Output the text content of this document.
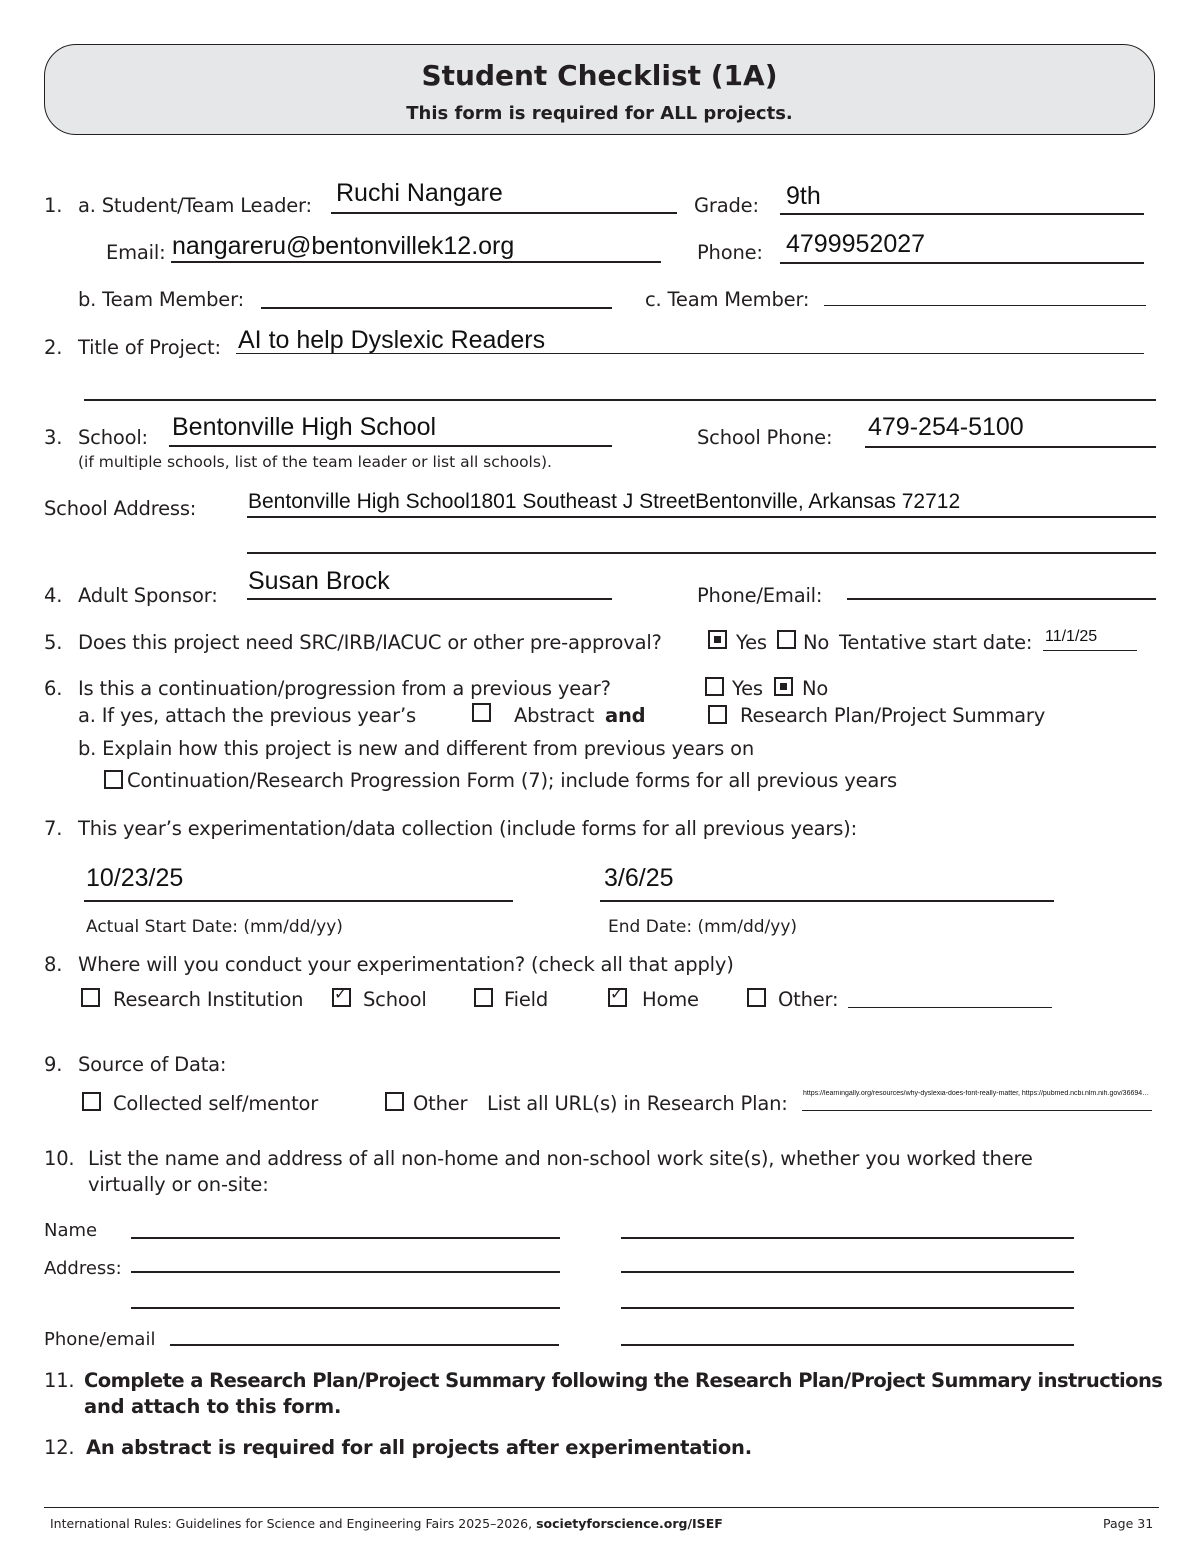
Student Checklist (1A)
This form is required for ALL projects.
1. a. Student/Team Leader: Ruchi Nangare	Grade: 9th
Email: nangareru@bentonvillek12.org	Phone: 4799952027
b. Team Member:	c. Team Member:
2. Title of Project: AI to help Dyslexic Readers
3. School: Bentonville High School
(if multiple schools, list of the team leader or list all schools).
School Phone: 479-254-5100
School Address: Bentonville High School1801 Southeast J StreetBentonville, Arkansas 72712
4. Adult Sponsor:
Susan Brock
Phone/Email:
5. Does this project need SRC/IRB/IACUC or other pre-approval?	Yes No Tentative start date: 11/1/25
6. Is this a continuation/progression from a previous year?	Yes No
a. If yes, attach the previous year’s	Abstract and	Research Plan/Project Summary
b. Explain how this project is new and different from previous years on
Continuation/Research Progression Form (7); include forms for all previous years
7. This year’s experimentation/data collection (include forms for all previous years):
10/23/25	3/6/25
Actual Start Date: (mm/dd/yy)	End Date: (mm/dd/yy)
8. Where will you conduct your experimentation? (check all that apply)
Research Institution ✓ School	Field	✓ Home	Other:
9. Source of Data:
Collected self/mentor	Other List all URL(s) in Research Plan: https://learningally.org/resources/why-dyslexia-does-font-really-matter, https://pubmed.ncbi.nlm.nih.gov/36694…
10. List the name and address of all non-home and non-school work site(s), whether you worked there
virtually or on-site:
Name
Address:
Phone/email
11. Complete a Research Plan/Project Summary following the Research Plan/Project Summary instructions
and attach to this form.
12. An abstract is required for all projects after experimentation.
International Rules: Guidelines for Science and Engineering Fairs 2025–2026, societyforscience.org/ISEF	Page 31
